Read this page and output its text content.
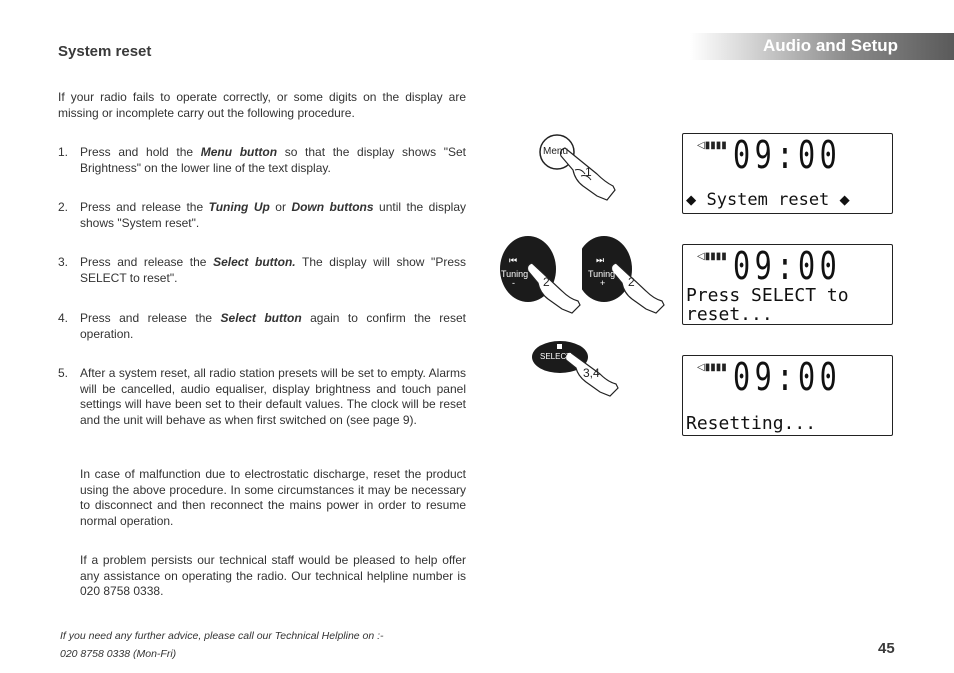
System reset	Audio and Setup
If your radio fails to operate correctly, or some digits on the display are missing or incomplete carry out the following procedure.
1. Press and hold the Menu button so that the display shows "Set Brightness" on the lower line of the text display.
2. Press and release the Tuning Up or Down buttons until the display shows "System reset".
3. Press and release the Select button. The display will show "Press SELECT to reset".
4. Press and release the Select button again to confirm the reset operation.
5. After a system reset, all radio station presets will be set to empty. Alarms will be cancelled, audio equaliser, display brightness and touch panel settings will have been set to their default values. The clock will be reset and the unit will behave as when first switched on (see page 9).
In case of malfunction due to electrostatic discharge, reset the product using the above procedure. In some circumstances it may be necessary to disconnect and then reconnect the mains power in order to resume normal operation.
If a problem persists our technical staff would be pleased to help offer any assistance on operating the radio. Our technical helpline number is 020 8758 0338.
If you need any further advice, please call our Technical Helpline on :-
020 8758 0338 (Mon-Fri)	45
Menu
1
⏮
Tuning
- 2
⏭
Tuning
+ 2
SELECT
3,4
◁▮▮▮▮ 09:00
◆ System reset ◆
◁▮▮▮▮ 09:00
Press SELECT to
reset...
◁▮▮▮▮ 09:00
Resetting...
